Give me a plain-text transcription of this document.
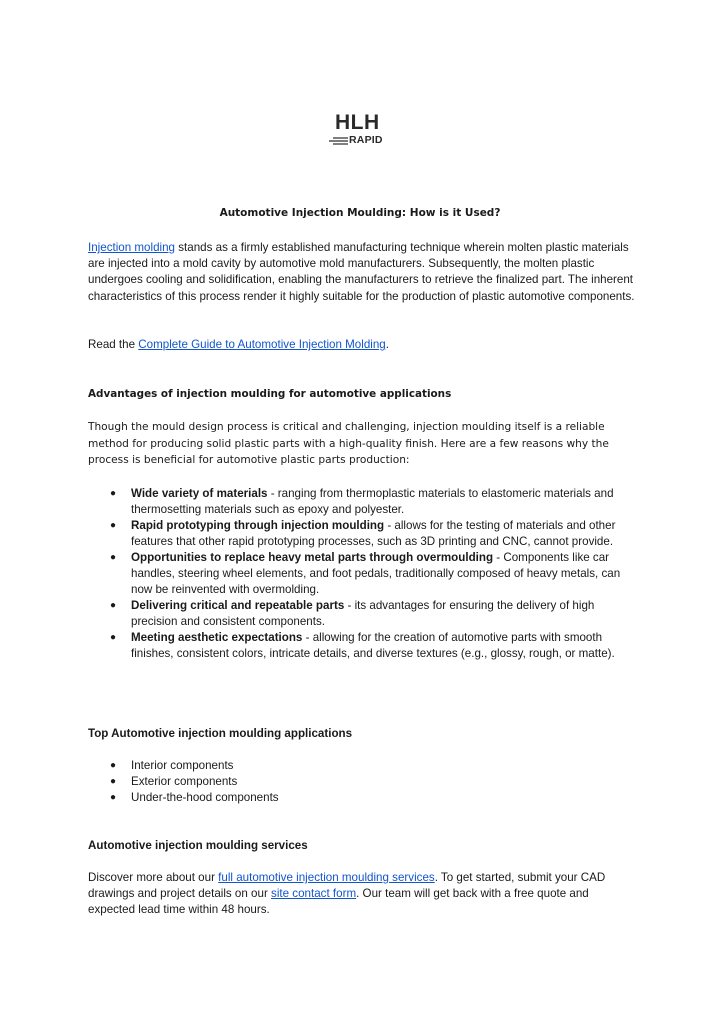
HLH
RAPID
Automotive Injection Moulding: How is it Used?

Injection molding stands as a firmly established manufacturing technique wherein molten plastic materials are injected into a mold cavity by automotive mold manufacturers. Subsequently, the molten plastic undergoes cooling and solidification, enabling the manufacturers to retrieve the finalized part. The inherent characteristics of this process render it highly suitable for the production of plastic automotive components.

Read the Complete Guide to Automotive Injection Molding.

Advantages of injection moulding for automotive applications

Though the mould design process is critical and challenging, injection moulding itself is a reliable method for producing solid plastic parts with a high-quality finish. Here are a few reasons why the process is beneficial for automotive plastic parts production:

● Wide variety of materials - ranging from thermoplastic materials to elastomeric materials and thermosetting materials such as epoxy and polyester.
● Rapid prototyping through injection moulding - allows for the testing of materials and other features that other rapid prototyping processes, such as 3D printing and CNC, cannot provide.
● Opportunities to replace heavy metal parts through overmoulding - Components like car handles, steering wheel elements, and foot pedals, traditionally composed of heavy metals, can now be reinvented with overmolding.
● Delivering critical and repeatable parts - its advantages for ensuring the delivery of high precision and consistent components.
● Meeting aesthetic expectations - allowing for the creation of automotive parts with smooth finishes, consistent colors, intricate details, and diverse textures (e.g., glossy, rough, or matte).
Top Automotive injection moulding applications
● Interior components
● Exterior components
● Under-the-hood components
Automotive injection moulding services

Discover more about our full automotive injection moulding services. To get started, submit your CAD drawings and project details on our site contact form. Our team will get back with a free quote and expected lead time within 48 hours.
